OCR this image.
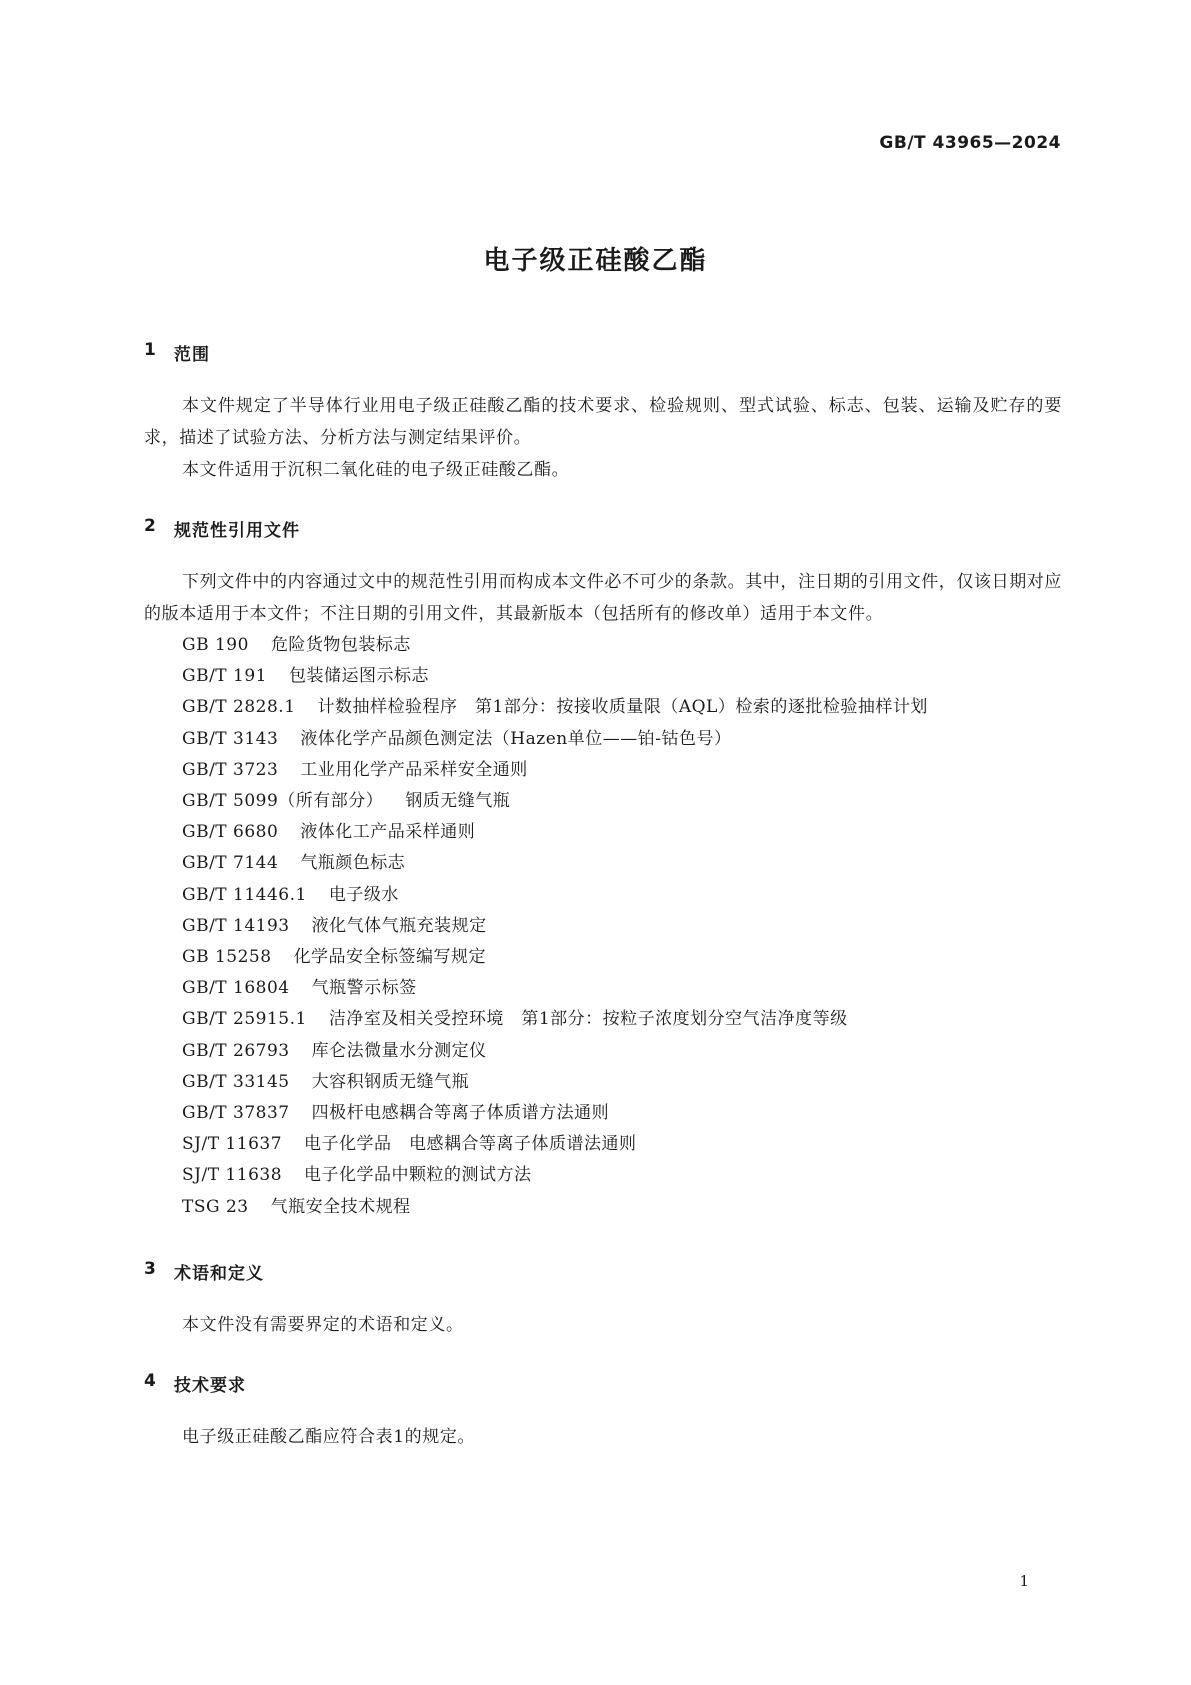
GB/T 43965—2024
电子级正硅酸乙酯
1	范围

本文件规定了半导体行业用电子级正硅酸乙酯的技术要求、检验规则、型式试验、标志、包装、运输及贮存的要求，描述了试验方法、分析方法与测定结果评价。

本文件适用于沉积二氧化硅的电子级正硅酸乙酯。

2	规范性引用文件

下列文件中的内容通过文中的规范性引用而构成本文件必不可少的条款。其中，注日期的引用文件，仅该日期对应的版本适用于本文件；不注日期的引用文件，其最新版本（包括所有的修改单）适用于本文件。

GB 190 危险货物包装标志
GB/T 191 包装储运图示标志
GB/T 2828.1 计数抽样检验程序　第1部分：按接收质量限（AQL）检索的逐批检验抽样计划
GB/T 3143 液体化学产品颜色测定法（Hazen单位——铂-钴色号）
GB/T 3723 工业用化学产品采样安全通则
GB/T 5099（所有部分） 钢质无缝气瓶
GB/T 6680 液体化工产品采样通则
GB/T 7144 气瓶颜色标志
GB/T 11446.1 电子级水
GB/T 14193 液化气体气瓶充装规定
GB 15258 化学品安全标签编写规定
GB/T 16804 气瓶警示标签
GB/T 25915.1 洁净室及相关受控环境　第1部分：按粒子浓度划分空气洁净度等级
GB/T 26793 库仑法微量水分测定仪
GB/T 33145 大容积钢质无缝气瓶
GB/T 37837 四极杆电感耦合等离子体质谱方法通则
SJ/T 11637 电子化学品　电感耦合等离子体质谱法通则
SJ/T 11638 电子化学品中颗粒的测试方法
TSG 23 气瓶安全技术规程
3	术语和定义

本文件没有需要界定的术语和定义。

4	技术要求

电子级正硅酸乙酯应符合表1的规定。

1
